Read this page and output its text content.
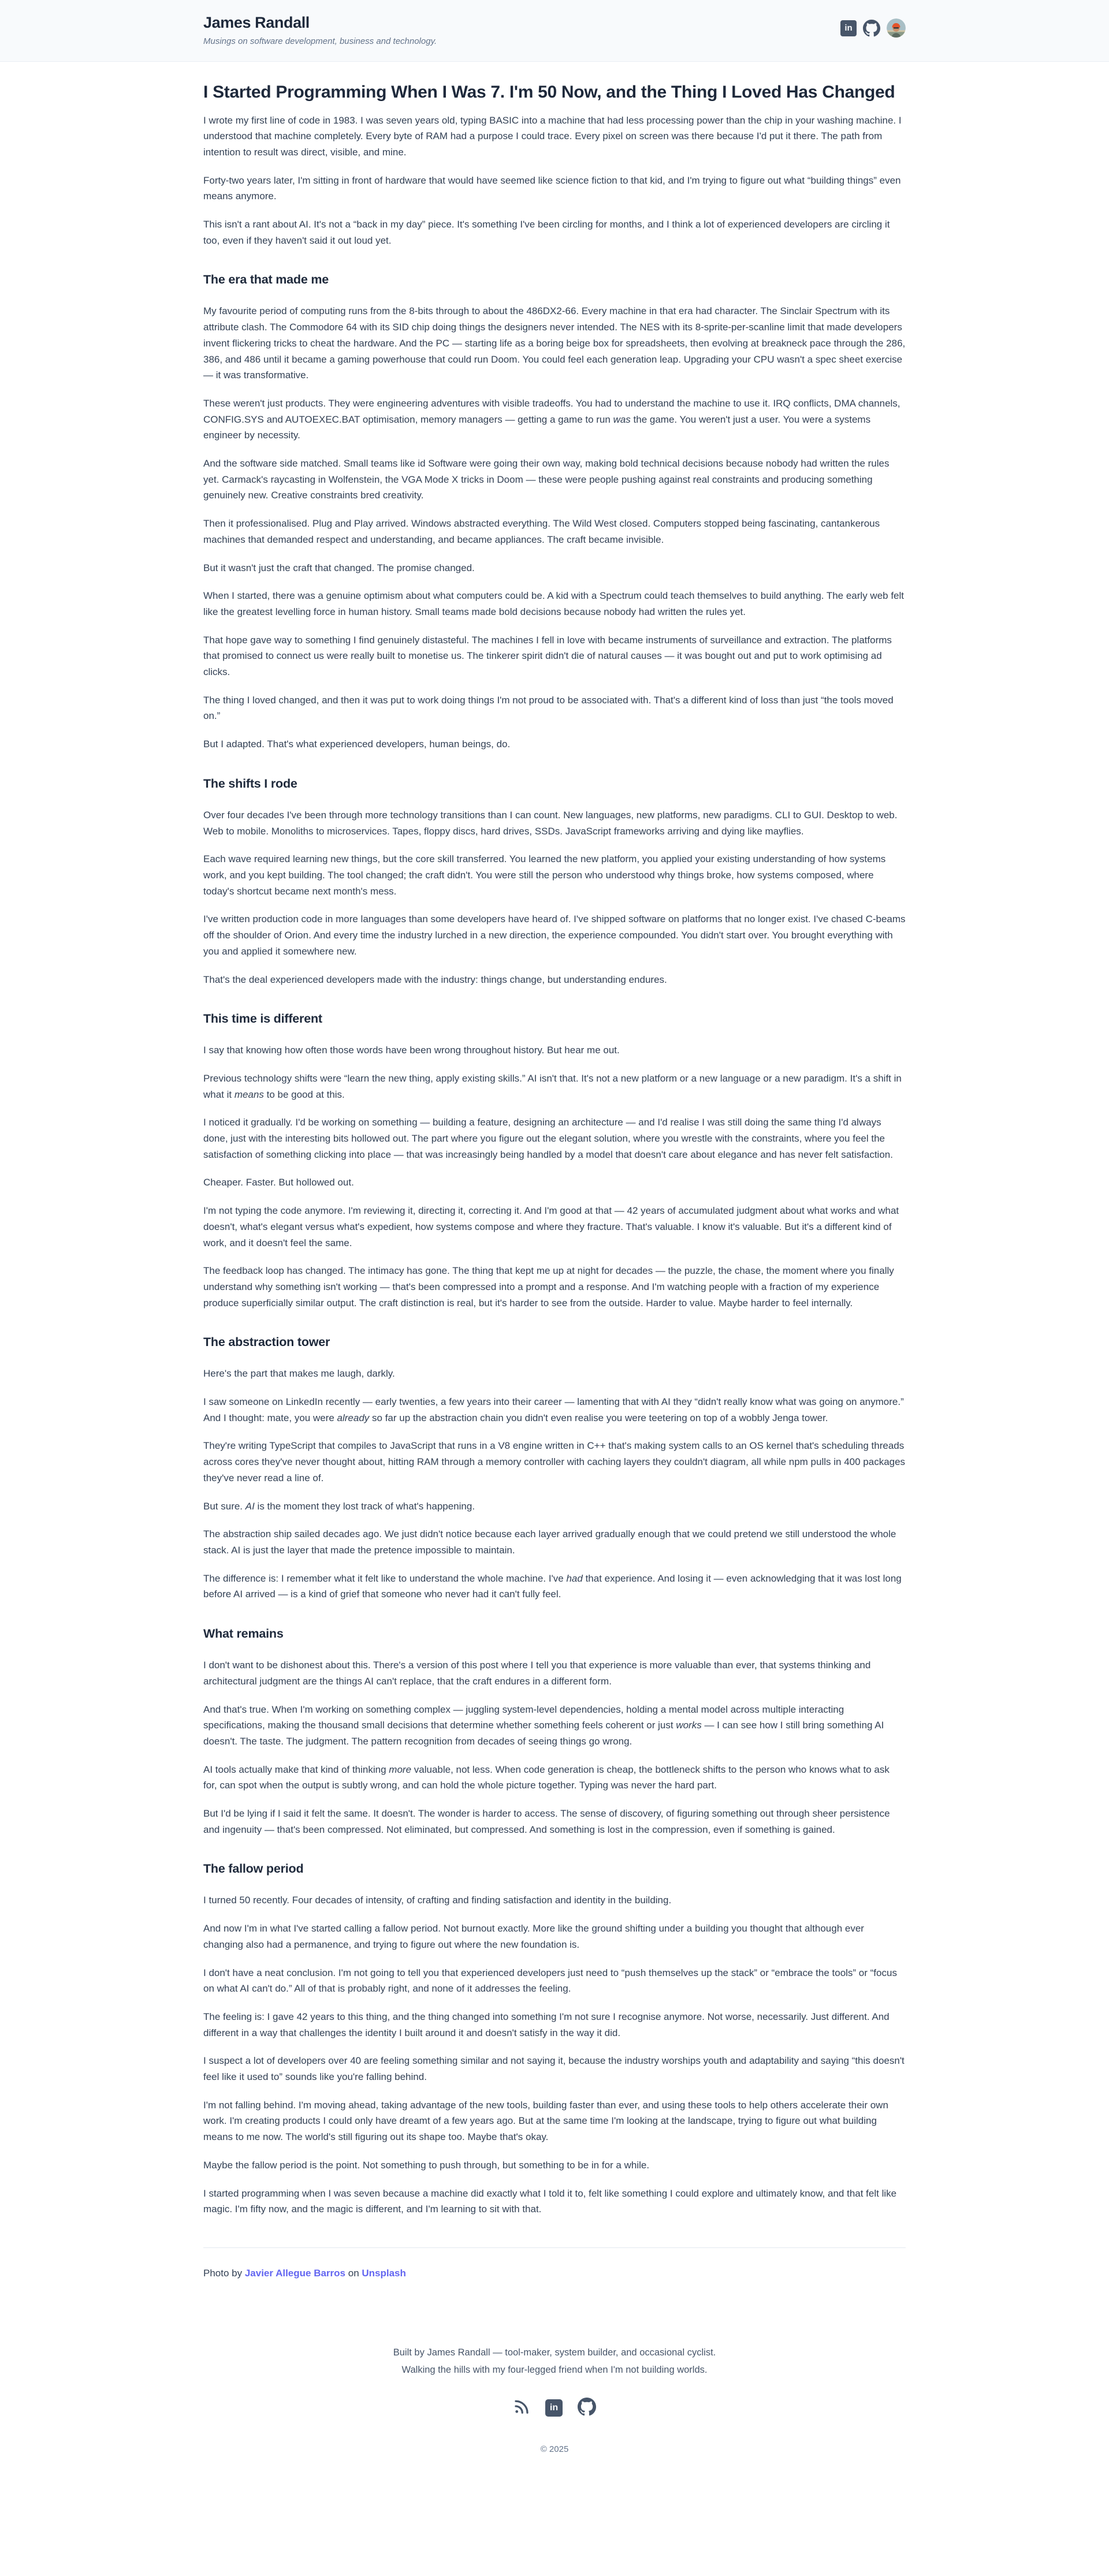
James Randall
Musings on software development, business and technology.
in
I Started Programming When I Was 7. I'm 50 Now, and the Thing I Loved Has Changed

I wrote my first line of code in 1983. I was seven years old, typing BASIC into a machine that had less processing power than the chip in your washing machine. I understood that machine completely. Every byte of RAM had a purpose I could trace. Every pixel on screen was there because I'd put it there. The path from intention to result was direct, visible, and mine.

Forty-two years later, I'm sitting in front of hardware that would have seemed like science fiction to that kid, and I'm trying to figure out what “building things” even means anymore.

This isn't a rant about AI. It's not a “back in my day” piece. It's something I've been circling for months, and I think a lot of experienced developers are circling it too, even if they haven't said it out loud yet.

The era that made me

My favourite period of computing runs from the 8-bits through to about the 486DX2-66. Every machine in that era had character. The Sinclair Spectrum with its attribute clash. The Commodore 64 with its SID chip doing things the designers never intended. The NES with its 8-sprite-per-scanline limit that made developers invent flickering tricks to cheat the hardware. And the PC — starting life as a boring beige box for spreadsheets, then evolving at breakneck pace through the 286, 386, and 486 until it became a gaming powerhouse that could run Doom. You could feel each generation leap. Upgrading your CPU wasn't a spec sheet exercise — it was transformative.

These weren't just products. They were engineering adventures with visible tradeoffs. You had to understand the machine to use it. IRQ conflicts, DMA channels, CONFIG.SYS and AUTOEXEC.BAT optimisation, memory managers — getting a game to run was the game. You weren't just a user. You were a systems engineer by necessity.

And the software side matched. Small teams like id Software were going their own way, making bold technical decisions because nobody had written the rules yet. Carmack's raycasting in Wolfenstein, the VGA Mode X tricks in Doom — these were people pushing against real constraints and producing something genuinely new. Creative constraints bred creativity.

Then it professionalised. Plug and Play arrived. Windows abstracted everything. The Wild West closed. Computers stopped being fascinating, cantankerous machines that demanded respect and understanding, and became appliances. The craft became invisible.

But it wasn't just the craft that changed. The promise changed.

When I started, there was a genuine optimism about what computers could be. A kid with a Spectrum could teach themselves to build anything. The early web felt like the greatest levelling force in human history. Small teams made bold decisions because nobody had written the rules yet.

That hope gave way to something I find genuinely distasteful. The machines I fell in love with became instruments of surveillance and extraction. The platforms that promised to connect us were really built to monetise us. The tinkerer spirit didn't die of natural causes — it was bought out and put to work optimising ad clicks.

The thing I loved changed, and then it was put to work doing things I'm not proud to be associated with. That's a different kind of loss than just “the tools moved on.”

But I adapted. That's what experienced developers, human beings, do.

The shifts I rode

Over four decades I've been through more technology transitions than I can count. New languages, new platforms, new paradigms. CLI to GUI. Desktop to web. Web to mobile. Monoliths to microservices. Tapes, floppy discs, hard drives, SSDs. JavaScript frameworks arriving and dying like mayflies.

Each wave required learning new things, but the core skill transferred. You learned the new platform, you applied your existing understanding of how systems work, and you kept building. The tool changed; the craft didn't. You were still the person who understood why things broke, how systems composed, where today's shortcut became next month's mess.

I've written production code in more languages than some developers have heard of. I've shipped software on platforms that no longer exist. I've chased C-beams off the shoulder of Orion. And every time the industry lurched in a new direction, the experience compounded. You didn't start over. You brought everything with you and applied it somewhere new.

That's the deal experienced developers made with the industry: things change, but understanding endures.

This time is different

I say that knowing how often those words have been wrong throughout history. But hear me out.

Previous technology shifts were “learn the new thing, apply existing skills.” AI isn't that. It's not a new platform or a new language or a new paradigm. It's a shift in what it means to be good at this.

I noticed it gradually. I'd be working on something — building a feature, designing an architecture — and I'd realise I was still doing the same thing I'd always done, just with the interesting bits hollowed out. The part where you figure out the elegant solution, where you wrestle with the constraints, where you feel the satisfaction of something clicking into place — that was increasingly being handled by a model that doesn't care about elegance and has never felt satisfaction.

Cheaper. Faster. But hollowed out.

I'm not typing the code anymore. I'm reviewing it, directing it, correcting it. And I'm good at that — 42 years of accumulated judgment about what works and what doesn't, what's elegant versus what's expedient, how systems compose and where they fracture. That's valuable. I know it's valuable. But it's a different kind of work, and it doesn't feel the same.

The feedback loop has changed. The intimacy has gone. The thing that kept me up at night for decades — the puzzle, the chase, the moment where you finally understand why something isn't working — that's been compressed into a prompt and a response. And I'm watching people with a fraction of my experience produce superficially similar output. The craft distinction is real, but it's harder to see from the outside. Harder to value. Maybe harder to feel internally.

The abstraction tower

Here's the part that makes me laugh, darkly.

I saw someone on LinkedIn recently — early twenties, a few years into their career — lamenting that with AI they “didn't really know what was going on anymore.” And I thought: mate, you were already so far up the abstraction chain you didn't even realise you were teetering on top of a wobbly Jenga tower.

They're writing TypeScript that compiles to JavaScript that runs in a V8 engine written in C++ that's making system calls to an OS kernel that's scheduling threads across cores they've never thought about, hitting RAM through a memory controller with caching layers they couldn't diagram, all while npm pulls in 400 packages they've never read a line of.

But sure. AI is the moment they lost track of what's happening.

The abstraction ship sailed decades ago. We just didn't notice because each layer arrived gradually enough that we could pretend we still understood the whole stack. AI is just the layer that made the pretence impossible to maintain.

The difference is: I remember what it felt like to understand the whole machine. I've had that experience. And losing it — even acknowledging that it was lost long before AI arrived — is a kind of grief that someone who never had it can't fully feel.

What remains

I don't want to be dishonest about this. There's a version of this post where I tell you that experience is more valuable than ever, that systems thinking and architectural judgment are the things AI can't replace, that the craft endures in a different form.

And that's true. When I'm working on something complex — juggling system-level dependencies, holding a mental model across multiple interacting specifications, making the thousand small decisions that determine whether something feels coherent or just works — I can see how I still bring something AI doesn't. The taste. The judgment. The pattern recognition from decades of seeing things go wrong.

AI tools actually make that kind of thinking more valuable, not less. When code generation is cheap, the bottleneck shifts to the person who knows what to ask for, can spot when the output is subtly wrong, and can hold the whole picture together. Typing was never the hard part.

But I'd be lying if I said it felt the same. It doesn't. The wonder is harder to access. The sense of discovery, of figuring something out through sheer persistence and ingenuity — that's been compressed. Not eliminated, but compressed. And something is lost in the compression, even if something is gained.

The fallow period

I turned 50 recently. Four decades of intensity, of crafting and finding satisfaction and identity in the building.

And now I'm in what I've started calling a fallow period. Not burnout exactly. More like the ground shifting under a building you thought that although ever changing also had a permanence, and trying to figure out where the new foundation is.

I don't have a neat conclusion. I'm not going to tell you that experienced developers just need to “push themselves up the stack” or “embrace the tools” or “focus on what AI can't do.” All of that is probably right, and none of it addresses the feeling.

The feeling is: I gave 42 years to this thing, and the thing changed into something I'm not sure I recognise anymore. Not worse, necessarily. Just different. And different in a way that challenges the identity I built around it and doesn't satisfy in the way it did.

I suspect a lot of developers over 40 are feeling something similar and not saying it, because the industry worships youth and adaptability and saying “this doesn't feel like it used to” sounds like you're falling behind.

I'm not falling behind. I'm moving ahead, taking advantage of the new tools, building faster than ever, and using these tools to help others accelerate their own work. I'm creating products I could only have dreamt of a few years ago. But at the same time I'm looking at the landscape, trying to figure out what building means to me now. The world's still figuring out its shape too. Maybe that's okay.

Maybe the fallow period is the point. Not something to push through, but something to be in for a while.

I started programming when I was seven because a machine did exactly what I told it to, felt like something I could explore and ultimately know, and that felt like magic. I'm fifty now, and the magic is different, and I'm learning to sit with that.

Photo by Javier Allegue Barros on Unsplash

Built by James Randall — tool-maker, system builder, and occasional cyclist.

Walking the hills with my four-legged friend when I'm not building worlds.

in

© 2025
